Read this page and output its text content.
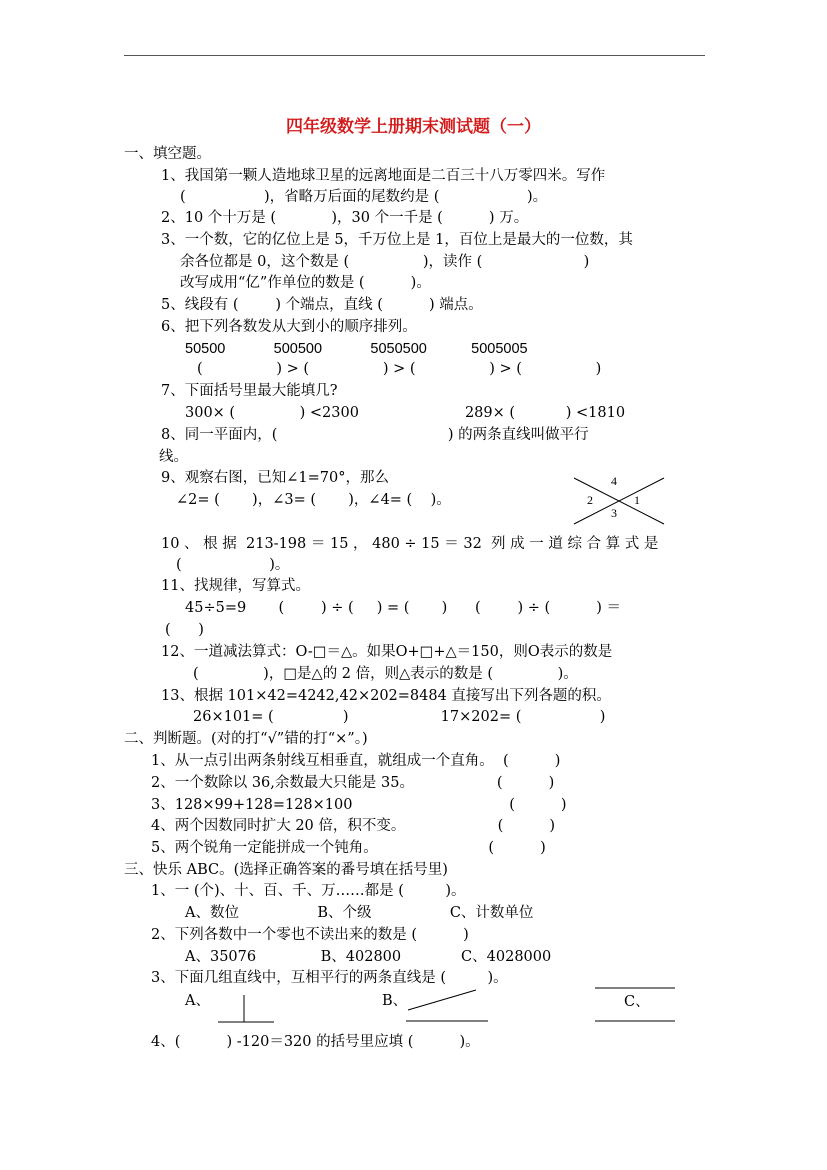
四年级数学上册期末测试题（一）
一、填空题。
1、我国第一颗人造地球卫星的远离地面是二百三十八万零四米。写作
(                 )，省略万后面的尾数约是 (                   )。
2、10 个十万是 (            )，30 个一千是 (          ) 万。
3、一个数，它的亿位上是 5，千万位上是 1，百位上是最大的一位数，其
余各位都是 0，这个数是 (                )，读作 (                      )
改写成用“亿”作单位的数是 (          )。
5、线段有 (        ) 个端点，直线 (          ) 端点。
6、把下列各数发从大到小的顺序排列。
50500            500500            5050500           5005005
(                ) > (                ) > (                ) > (                )
7、下面括号里最大能填几?
300× (              ) <2300                       289× (           ) <1810
8、同一平面内，(                                     ) 的两条直线叫做平行
线。
9、观察右图，已知∠1=70°，那么
∠2= (       )，∠3= (       )，∠4= (    )。
4
2	1
3
10 、 根 据  213-198 ＝ 15 ， 480 ÷ 15 ＝ 32  列 成 一 道 综 合 算 式 是
(                   )。
11、找规律，写算式。
45÷5=9       (        ) ÷ (     ) = (       )      (        ) ÷ (          ) ＝
(      )
12、一道减法算式：O-□＝△。如果O+□+△＝150，则O表示的数是
(              )，□是△的 2 倍，则△表示的数是 (              )。
13、根据 101×42=4242,42×202=8484 直接写出下列各题的积。
26×101= (               )                    17×202= (                 )
二、判断题。(对的打“√”错的打“×”。)
1、从一点引出两条射线互相垂直，就组成一个直角。  (          )
2、一个数除以 36,余数最大只能是 35。                  (          )
3、128×99+128=128×100                                  (          )
4、两个因数同时扩大 20 倍，积不变。                    (          )
5、两个锐角一定能拼成一个钝角。                        (          )
三、快乐 ABC。(选择正确答案的番号填在括号里)
1、一 (个)、十、百、千、万……都是 (         )。
A、数位                 B、个级                 C、计数单位
2、下列各数中一个零也不读出来的数是 (          )
A、35076              B、402800             C、4028000
3、下面几组直线中，互相平行的两条直线是 (         )。
A、	B、	C、
4、(          ) -120＝320 的括号里应填 (          )。
